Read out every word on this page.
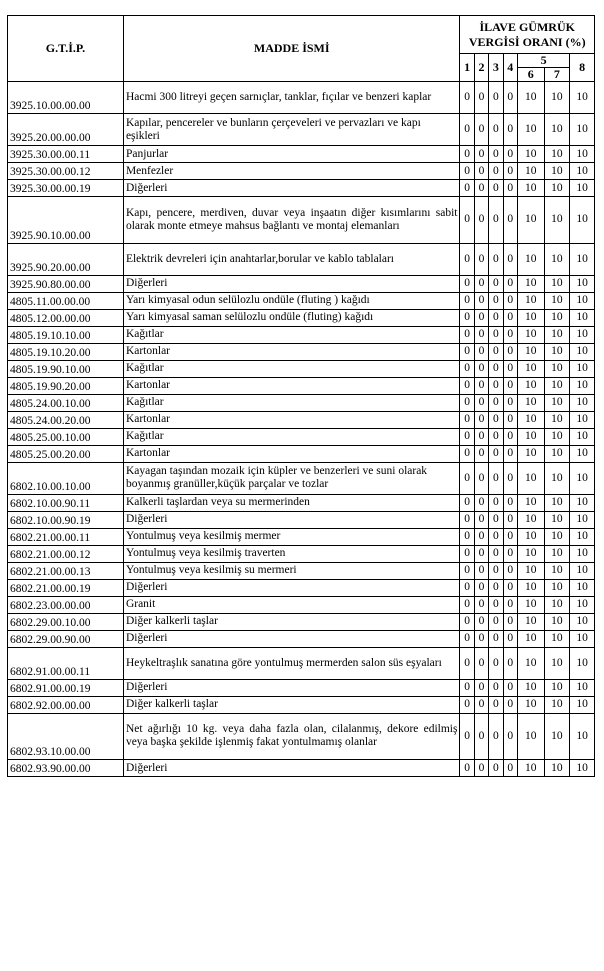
G.T.İ.P.	MADDE İSMİ	İLAVE GÜMRÜK VERGİSİ ORANI (%)						

		1	2	3	4	5		8
						6	7	
3925.10.00.00.00	Hacmi 300 litreyi geçen sarnıçlar, tanklar, fıçılar ve benzeri kaplar	0	0	0	0	10	10	10
3925.20.00.00.00	Kapılar, pencereler ve bunların çerçeveleri ve pervazları ve kapı eşikleri	0	0	0	0	10	10	10
3925.30.00.00.11	Panjurlar	0	0	0	0	10	10	10
3925.30.00.00.12	Menfezler	0	0	0	0	10	10	10
3925.30.00.00.19	Diğerleri	0	0	0	0	10	10	10
3925.90.10.00.00	Kapı, pencere, merdiven, duvar veya inşaatın diğer kısımlarını sabit olarak monte etmeye mahsus bağlantı ve montaj elemanları	0	0	0	0	10	10	10
3925.90.20.00.00	Elektrik devreleri için anahtarlar,borular ve kablo tablaları	0	0	0	0	10	10	10
3925.90.80.00.00	Diğerleri	0	0	0	0	10	10	10
4805.11.00.00.00	Yarı kimyasal odun selülozlu ondüle (fluting ) kağıdı	0	0	0	0	10	10	10
4805.12.00.00.00	Yarı kimyasal saman selülozlu ondüle (fluting) kağıdı	0	0	0	0	10	10	10
4805.19.10.10.00	Kağıtlar	0	0	0	0	10	10	10
4805.19.10.20.00	Kartonlar	0	0	0	0	10	10	10
4805.19.90.10.00	Kağıtlar	0	0	0	0	10	10	10
4805.19.90.20.00	Kartonlar	0	0	0	0	10	10	10
4805.24.00.10.00	Kağıtlar	0	0	0	0	10	10	10
4805.24.00.20.00	Kartonlar	0	0	0	0	10	10	10
4805.25.00.10.00	Kağıtlar	0	0	0	0	10	10	10
4805.25.00.20.00	Kartonlar	0	0	0	0	10	10	10
6802.10.00.10.00	Kayagan taşından mozaik için küpler ve benzerleri ve suni olarak boyanmış granüller,küçük parçalar ve tozlar	0	0	0	0	10	10	10
6802.10.00.90.11	Kalkerli taşlardan veya su mermerinden	0	0	0	0	10	10	10
6802.10.00.90.19	Diğerleri	0	0	0	0	10	10	10
6802.21.00.00.11	Yontulmuş veya kesilmiş mermer	0	0	0	0	10	10	10
6802.21.00.00.12	Yontulmuş veya kesilmiş traverten	0	0	0	0	10	10	10
6802.21.00.00.13	Yontulmuş veya kesilmiş su mermeri	0	0	0	0	10	10	10
6802.21.00.00.19	Diğerleri	0	0	0	0	10	10	10
6802.23.00.00.00	Granit	0	0	0	0	10	10	10
6802.29.00.10.00	Diğer kalkerli taşlar	0	0	0	0	10	10	10
6802.29.00.90.00	Diğerleri	0	0	0	0	10	10	10
6802.91.00.00.11	Heykeltraşlık sanatına göre yontulmuş mermerden salon süs eşyaları	0	0	0	0	10	10	10
6802.91.00.00.19	Diğerleri	0	0	0	0	10	10	10
6802.92.00.00.00	Diğer kalkerli taşlar	0	0	0	0	10	10	10
6802.93.10.00.00	Net ağırlığı 10 kg. veya daha fazla olan, cilalanmış, dekore edilmiş veya başka şekilde işlenmiş fakat yontulmamış olanlar	0	0	0	0	10	10	10
6802.93.90.00.00	Diğerleri	0	0	0	0	10	10	10
